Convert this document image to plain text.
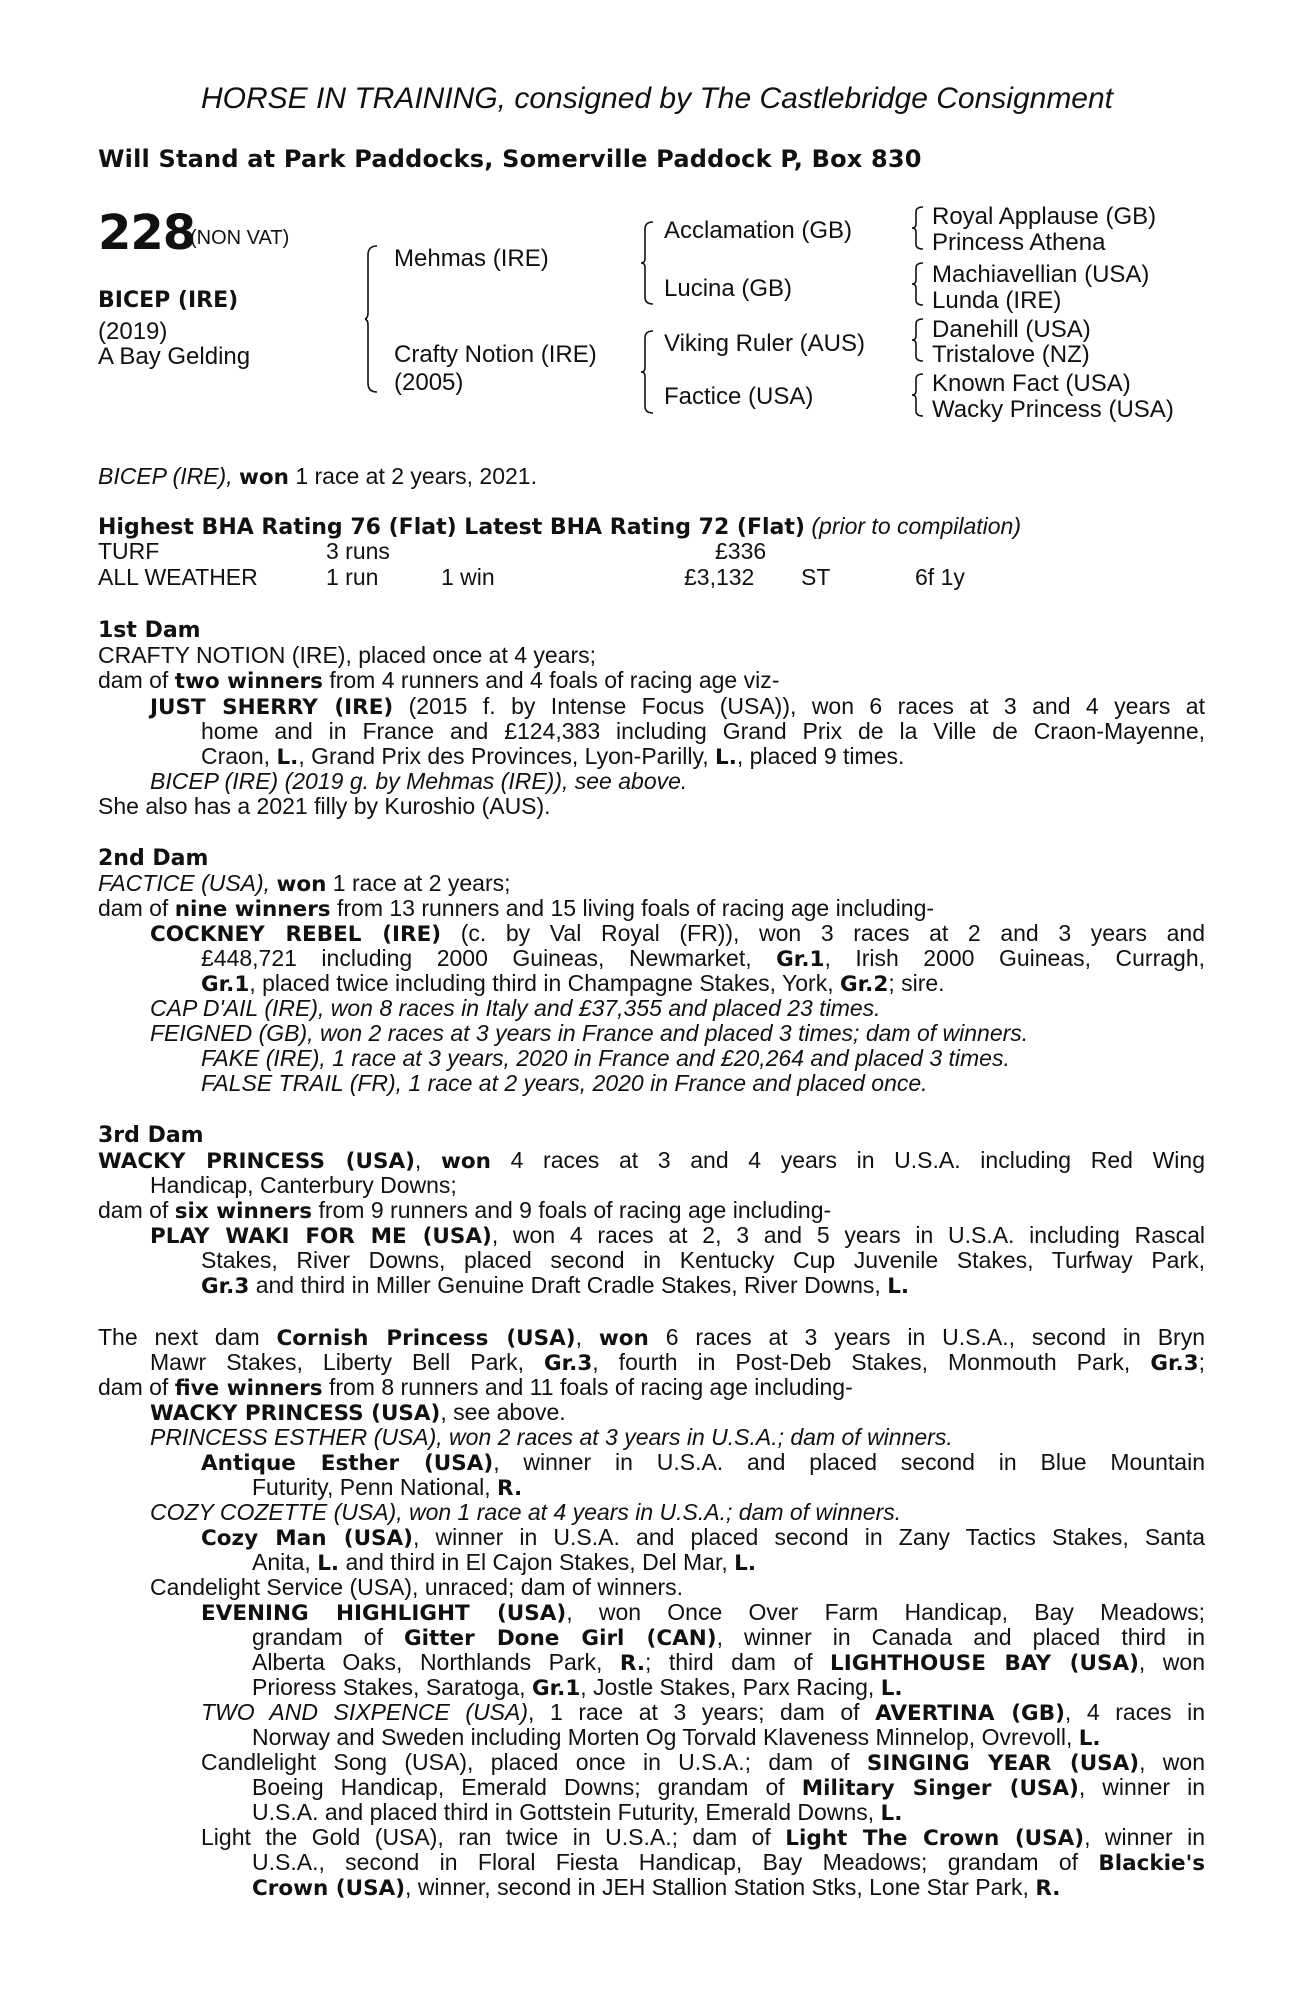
HORSE IN TRAINING, consigned by The Castlebridge Consignment
Will Stand at Park Paddocks, Somerville Paddock P, Box 830
228
(NON VAT)
BICEP (IRE)
(2019)
A Bay Gelding
Mehmas (IRE)
Crafty Notion (IRE)
(2005)
Acclamation (GB)
Lucina (GB)
Viking Ruler (AUS)
Factice (USA)
Royal Applause (GB)
Princess Athena
Machiavellian (USA)
Lunda (IRE)
Danehill (USA)
Tristalove (NZ)
Known Fact (USA)
Wacky Princess (USA)
BICEP (IRE), won 1 race at 2 years, 2021.
Highest BHA Rating 76 (Flat) Latest BHA Rating 72 (Flat) (prior to compilation)
TURF	3 runs	£336
ALL WEATHER	1 run	1 win	£3,132 ST	6f 1y
1st Dam
CRAFTY NOTION (IRE), placed once at 4 years;
dam of two winners from 4 runners and 4 foals of racing age viz-
JUST SHERRY (IRE) (2015 f. by Intense Focus (USA)), won 6 races at 3 and 4 years at
home and in France and £124,383 including Grand Prix de la Ville de Craon-Mayenne,
Craon, L., Grand Prix des Provinces, Lyon-Parilly, L., placed 9 times.
BICEP (IRE) (2019 g. by Mehmas (IRE)), see above.
She also has a 2021 filly by Kuroshio (AUS).
2nd Dam
FACTICE (USA), won 1 race at 2 years;
dam of nine winners from 13 runners and 15 living foals of racing age including-
COCKNEY REBEL (IRE) (c. by Val Royal (FR)), won 3 races at 2 and 3 years and
£448,721 including 2000 Guineas, Newmarket, Gr.1, Irish 2000 Guineas, Curragh,
Gr.1, placed twice including third in Champagne Stakes, York, Gr.2; sire.
CAP D'AIL (IRE), won 8 races in Italy and £37,355 and placed 23 times.
FEIGNED (GB), won 2 races at 3 years in France and placed 3 times; dam of winners.
FAKE (IRE), 1 race at 3 years, 2020 in France and £20,264 and placed 3 times.
FALSE TRAIL (FR), 1 race at 2 years, 2020 in France and placed once.
3rd Dam
WACKY PRINCESS (USA), won 4 races at 3 and 4 years in U.S.A. including Red Wing
Handicap, Canterbury Downs;
dam of six winners from 9 runners and 9 foals of racing age including-
PLAY WAKI FOR ME (USA), won 4 races at 2, 3 and 5 years in U.S.A. including Rascal
Stakes, River Downs, placed second in Kentucky Cup Juvenile Stakes, Turfway Park,
Gr.3 and third in Miller Genuine Draft Cradle Stakes, River Downs, L.
The next dam Cornish Princess (USA), won 6 races at 3 years in U.S.A., second in Bryn
Mawr Stakes, Liberty Bell Park, Gr.3, fourth in Post-Deb Stakes, Monmouth Park, Gr.3;
dam of five winners from 8 runners and 11 foals of racing age including-
WACKY PRINCESS (USA), see above.
PRINCESS ESTHER (USA), won 2 races at 3 years in U.S.A.; dam of winners.
Antique Esther (USA), winner in U.S.A. and placed second in Blue Mountain
Futurity, Penn National, R.
COZY COZETTE (USA), won 1 race at 4 years in U.S.A.; dam of winners.
Cozy Man (USA), winner in U.S.A. and placed second in Zany Tactics Stakes, Santa
Anita, L. and third in El Cajon Stakes, Del Mar, L.
Candelight Service (USA), unraced; dam of winners.
EVENING HIGHLIGHT (USA), won Once Over Farm Handicap, Bay Meadows;
grandam of Gitter Done Girl (CAN), winner in Canada and placed third in
Alberta Oaks, Northlands Park, R.; third dam of LIGHTHOUSE BAY (USA), won
Prioress Stakes, Saratoga, Gr.1, Jostle Stakes, Parx Racing, L.
TWO AND SIXPENCE (USA), 1 race at 3 years; dam of AVERTINA (GB), 4 races in
Norway and Sweden including Morten Og Torvald Klaveness Minnelop, Ovrevoll, L.
Candlelight Song (USA), placed once in U.S.A.; dam of SINGING YEAR (USA), won
Boeing Handicap, Emerald Downs; grandam of Military Singer (USA), winner in
U.S.A. and placed third in Gottstein Futurity, Emerald Downs, L.
Light the Gold (USA), ran twice in U.S.A.; dam of Light The Crown (USA), winner in
U.S.A., second in Floral Fiesta Handicap, Bay Meadows; grandam of Blackie's
Crown (USA), winner, second in JEH Stallion Station Stks, Lone Star Park, R.
